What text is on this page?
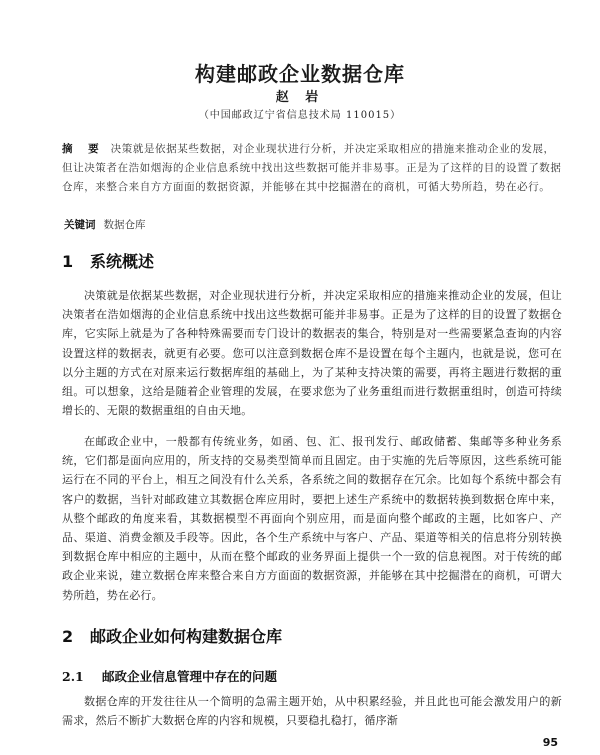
构建邮政企业数据仓库
赵 岩
（中国邮政辽宁省信息技术局 110015）
摘 要 决策就是依据某些数据，对企业现状进行分析，并决定采取相应的措施来推动企业的发展，但让决策者在浩如烟海的企业信息系统中找出这些数据可能并非易事。正是为了这样的目的设置了数据仓库，来整合来自方方面面的数据资源，并能够在其中挖掘潜在的商机，可循大势所趋，势在必行。
关键词 数据仓库
1 系统概述
决策就是依据某些数据，对企业现状进行分析，并决定采取相应的措施来推动企业的发展，但让决策者在浩如烟海的企业信息系统中找出这些数据可能并非易事。正是为了这样的目的设置了数据仓库，它实际上就是为了各种特殊需要而专门设计的数据表的集合，特别是对一些需要紧急查询的内容设置这样的数据表，就更有必要。您可以注意到数据仓库不是设置在每个主题内，也就是说，您可在以分主题的方式在对原来运行数据库组的基础上，为了某种支持决策的需要，再将主题进行数据的重组。可以想象，这给是随着企业管理的发展，在要求您为了业务重组而进行数据重组时，创造可持续增长的、无限的数据重组的自由天地。
在邮政企业中，一般都有传统业务，如函、包、汇、报刊发行、邮政储蓄、集邮等多种业务系统，它们都是面向应用的，所支持的交易类型简单而且固定。由于实施的先后等原因，这些系统可能运行在不同的平台上，相互之间没有什么关系，各系统之间的数据存在冗余。比如每个系统中都会有客户的数据，当针对邮政建立其数据仓库应用时，要把上述生产系统中的数据转换到数据仓库中来，从整个邮政的角度来看，其数据模型不再面向个别应用，而是面向整个邮政的主题，比如客户、产品、渠道、消费金额及手段等。因此，各个生产系统中与客户、产品、渠道等相关的信息将分别转换到数据仓库中相应的主题中，从而在整个邮政的业务界面上提供一个一致的信息视图。对于传统的邮政企业来说，建立数据仓库来整合来自方方面面的数据资源，并能够在其中挖掘潜在的商机，可谓大势所趋，势在必行。
2 邮政企业如何构建数据仓库
2.1 邮政企业信息管理中存在的问题
数据仓库的开发往往从一个简明的急需主题开始，从中积累经验，并且此也可能会激发用户的新需求，然后不断扩大数据仓库的内容和规模，只要稳扎稳打，循序渐
95
